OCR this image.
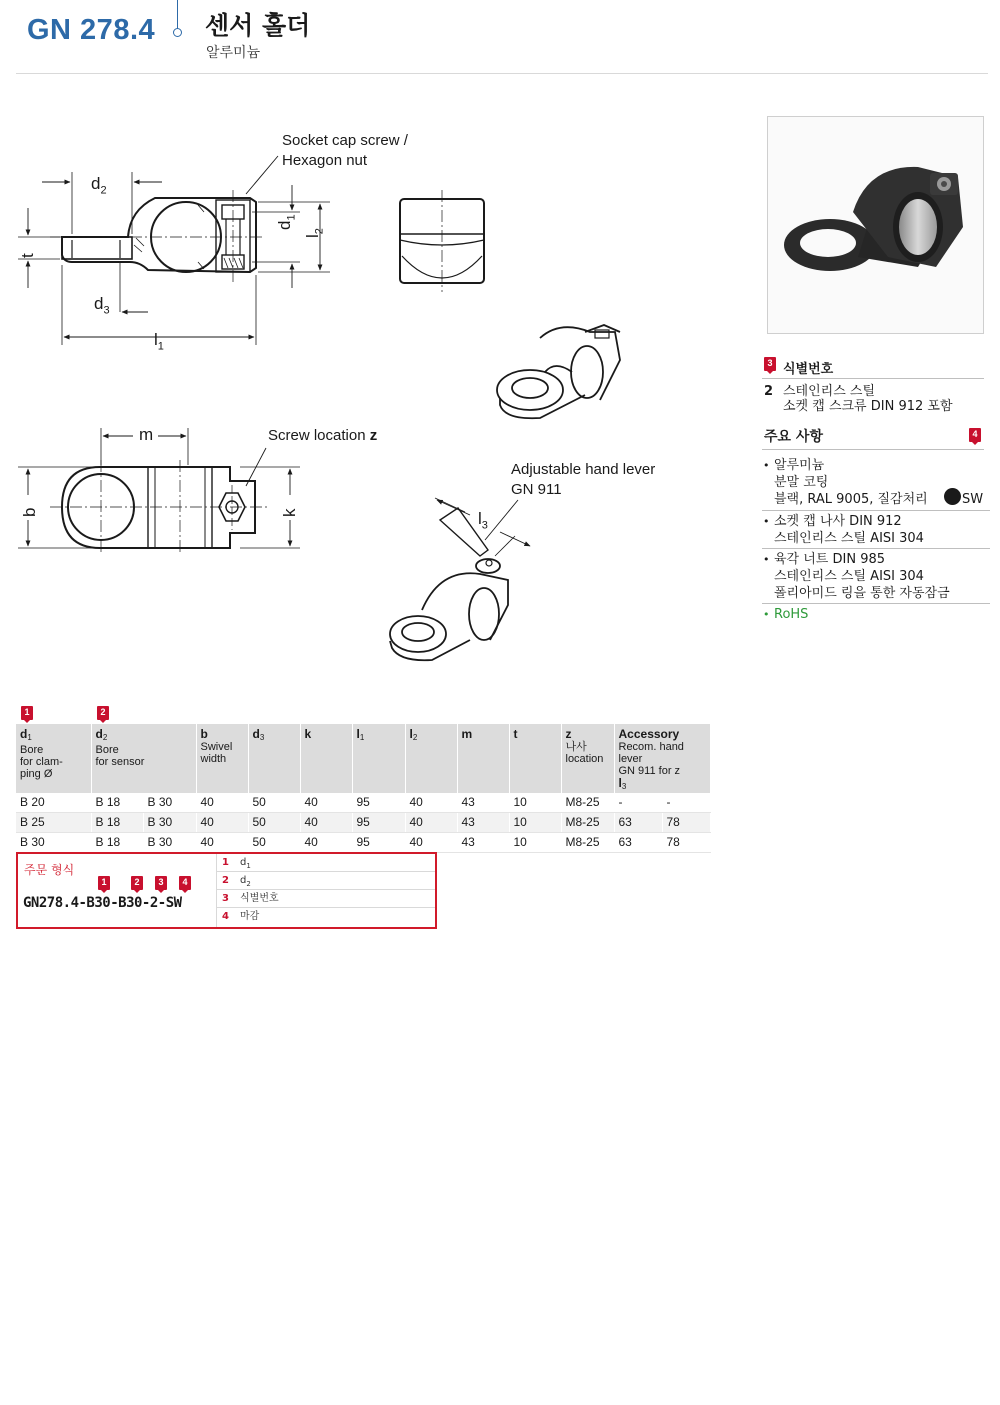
GN 278.4 센서 홀더
알루미늄
Socket cap screw /
Hexagon nut
$d_2$
$d_1$
$l_2$
t
$d_3$
$l_1$
m	Screw location z
b	k
Adjustable hand lever
GN 911
$l_3$
3 식별번호
2 스테인리스 스틸
소켓 캡 스크류 DIN 912 포함
주요 사항	4
• 알루미늄
분말 코팅
블랙, RAL 9005, 질감처리	SW
• 소켓 캡 나사 DIN 912
스테인리스 스틸 AISI 304
• 육각 너트 DIN 985
스테인리스 스틸 AISI 304
폴리아미드 링을 통한 자동잠금
• RoHS
1	2
$d_1$
Bore
for clam-
ping Ø	$d_2$
Bore
for sensor		b
Swivel
width	$d_3$	k	$l_1$	$l_2$	m	t	z
나사
location	Accessory
Recom. hand lever
GN 911 for z
$l_3$
B 20	B 18	B 30	40	50	40	95	40	43	10	M8-25	-	-
B 25	B 18	B 30	40	50	40	95	40	43	10	M8-25	63	78
B 30	B 18	B 30	40	50	40	95	40	43	10	M8-25	63	78
주문 형식
1	2	3	4
GN278.4-B30-B30-2-SW
1 $d_1$
2 $d_2$
3 식별번호
4 마감
